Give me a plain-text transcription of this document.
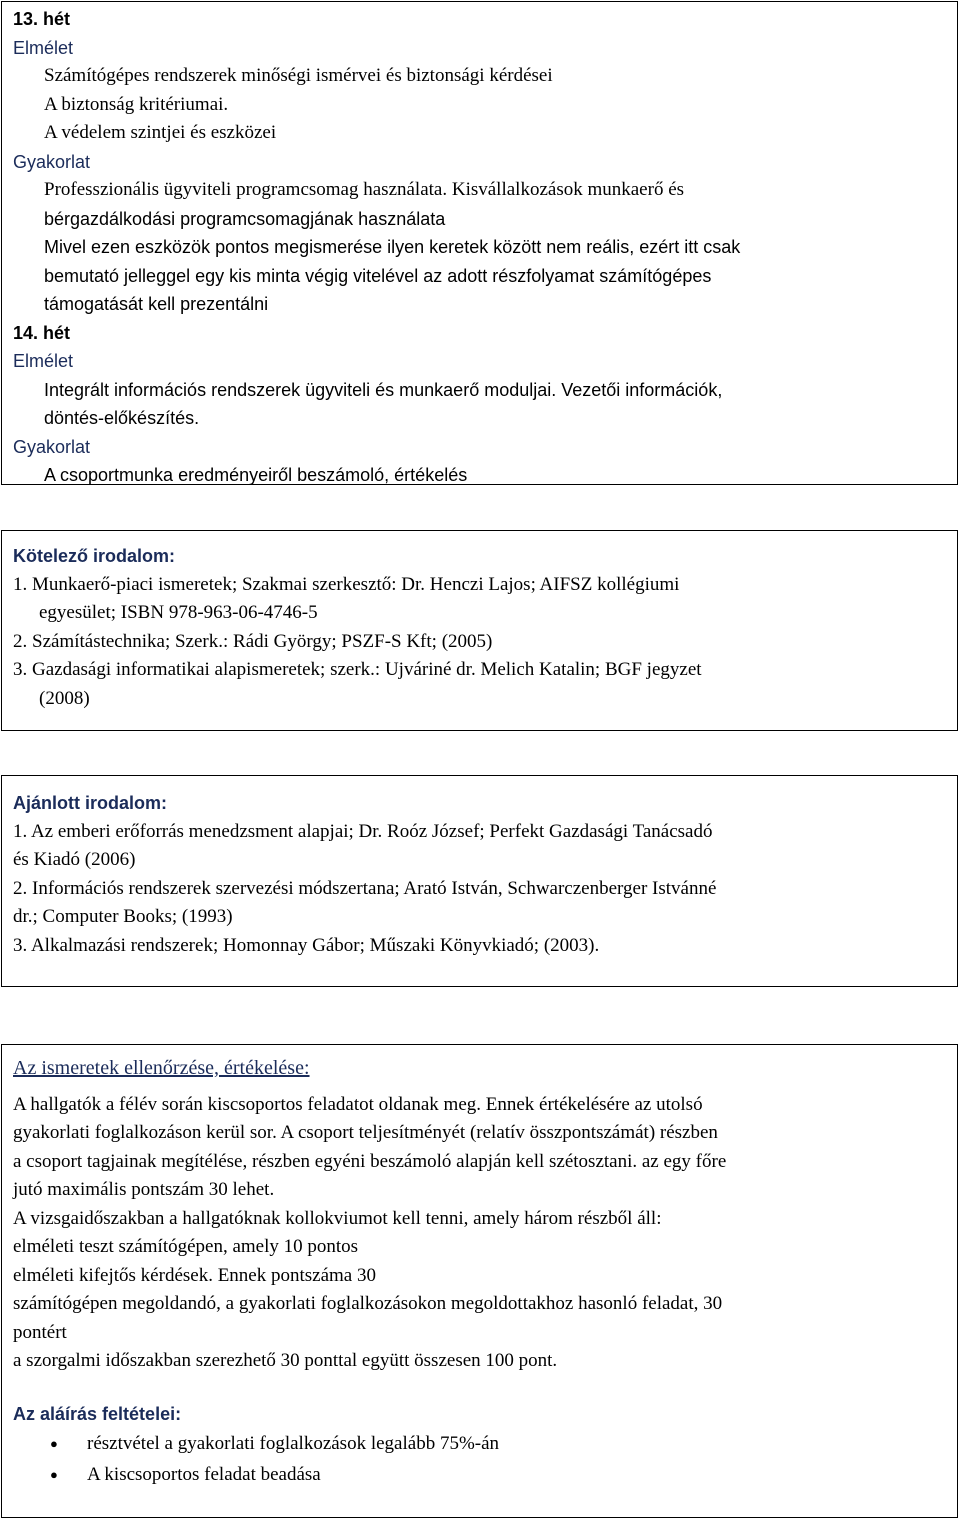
13. hét
Elmélet
Számítógépes rendszerek minőségi ismérvei és biztonsági kérdései
A biztonság kritériumai.
A védelem szintjei és eszközei
Gyakorlat
Professzionális ügyviteli programcsomag használata. Kisvállalkozások munkaerő és
bérgazdálkodási programcsomagjának használata
Mivel ezen eszközök pontos megismerése ilyen keretek között nem reális, ezért itt csak
bemutató jelleggel egy kis minta végig vitelével az adott részfolyamat számítógépes
támogatását kell prezentálni
14. hét
Elmélet
Integrált információs rendszerek ügyviteli és munkaerő moduljai. Vezetői információk,
döntés-előkészítés.
Gyakorlat
A csoportmunka eredményeiről beszámoló, értékelés
Kötelező irodalom:
1. Munkaerő-piaci ismeretek; Szakmai szerkesztő: Dr. Henczi Lajos; AIFSZ kollégiumi
egyesület; ISBN 978-963-06-4746-5
2. Számítástechnika; Szerk.: Rádi György; PSZF-S Kft; (2005)
3. Gazdasági informatikai alapismeretek; szerk.: Ujváriné dr. Melich Katalin; BGF jegyzet
(2008)
Ajánlott irodalom:
1. Az emberi erőforrás menedzsment alapjai; Dr. Roóz József; Perfekt Gazdasági Tanácsadó
és Kiadó (2006)
2. Információs rendszerek szervezési módszertana; Arató István, Schwarczenberger Istvánné
dr.; Computer Books; (1993)
3. Alkalmazási rendszerek; Homonnay Gábor; Műszaki Könyvkiadó; (2003).
Az ismeretek ellenőrzése, értékelése:
A hallgatók a félév során kiscsoportos feladatot oldanak meg. Ennek értékelésére az utolsó
gyakorlati foglalkozáson kerül sor. A csoport teljesítményét (relatív összpontszámát) részben
a csoport tagjainak megítélése, részben egyéni beszámoló alapján kell szétosztani. az egy főre
jutó maximális pontszám 30 lehet.
A vizsgaidőszakban a hallgatóknak kollokviumot kell tenni, amely három részből áll:
elméleti teszt számítógépen, amely 10 pontos
elméleti kifejtős kérdések. Ennek pontszáma 30
számítógépen megoldandó, a gyakorlati foglalkozásokon megoldottakhoz hasonló feladat, 30
pontért
a szorgalmi időszakban szerezhető 30 ponttal együtt összesen 100 pont.
Az aláírás feltételei:
● résztvétel a gyakorlati foglalkozások legalább 75%-án
● A kiscsoportos feladat beadása
